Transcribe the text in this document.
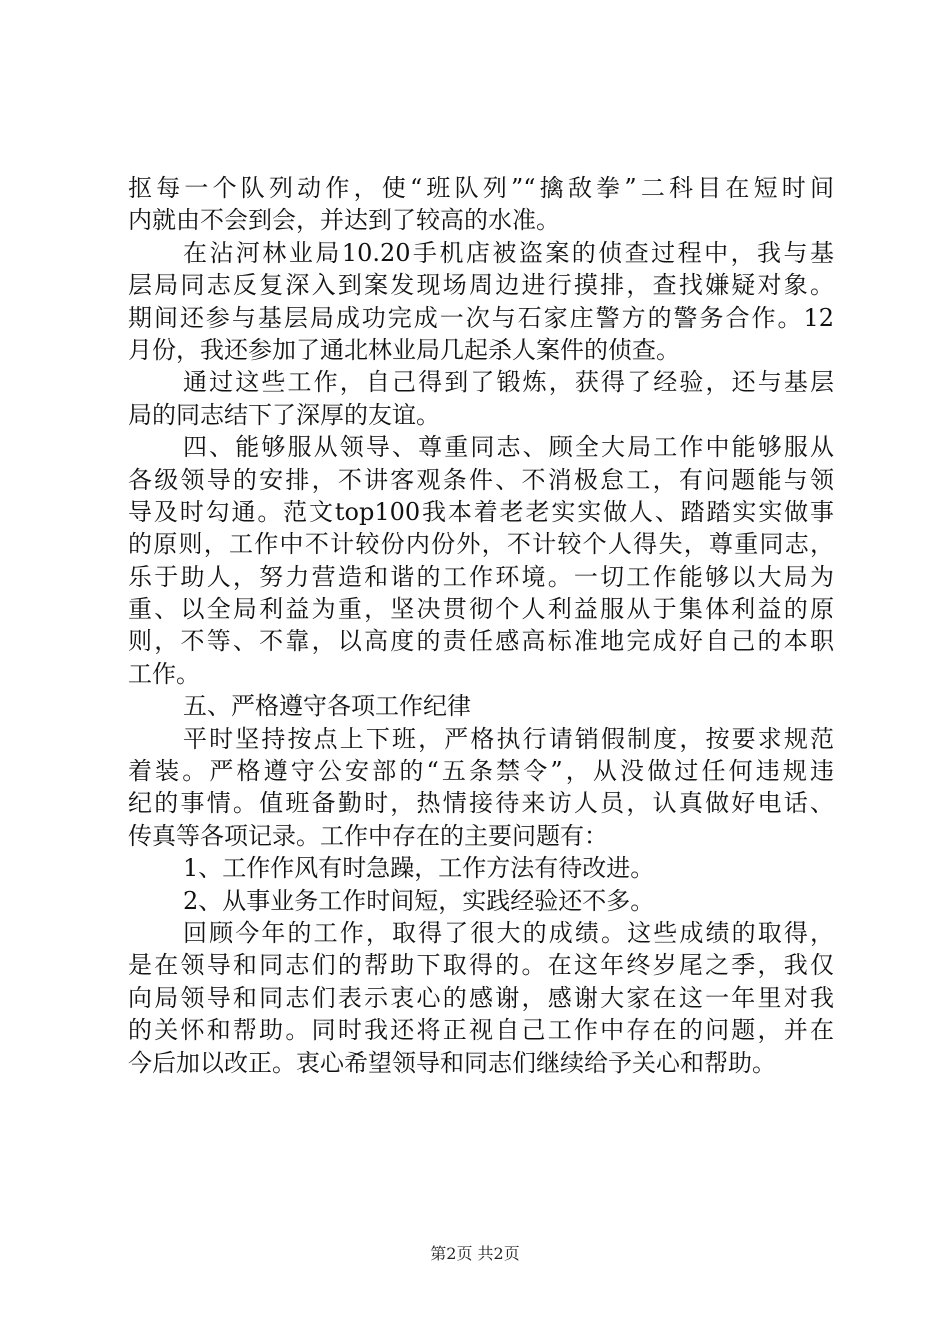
抠每一个队列动作，使“班队列”“擒敌拳”二科目在短时间
内就由不会到会，并达到了较高的水准。
在沾河林业局10.20手机店被盗案的侦查过程中，我与基
层局同志反复深入到案发现场周边进行摸排，查找嫌疑对象。
期间还参与基层局成功完成一次与石家庄警方的警务合作。12
月份，我还参加了通北林业局几起杀人案件的侦查。
通过这些工作，自己得到了锻炼，获得了经验，还与基层
局的同志结下了深厚的友谊。
四、能够服从领导、尊重同志、顾全大局工作中能够服从
各级领导的安排，不讲客观条件、不消极怠工，有问题能与领
导及时勾通。范文top100我本着老老实实做人、踏踏实实做事
的原则，工作中不计较份内份外，不计较个人得失，尊重同志，
乐于助人，努力营造和谐的工作环境。一切工作能够以大局为
重、以全局利益为重，坚决贯彻个人利益服从于集体利益的原
则，不等、不靠，以高度的责任感高标准地完成好自己的本职
工作。
五、严格遵守各项工作纪律
平时坚持按点上下班，严格执行请销假制度，按要求规范
着装。严格遵守公安部的“五条禁令”，从没做过任何违规违
纪的事情。值班备勤时，热情接待来访人员，认真做好电话、
传真等各项记录。工作中存在的主要问题有：
1、工作作风有时急躁，工作方法有待改进。
2、从事业务工作时间短，实践经验还不多。
回顾今年的工作，取得了很大的成绩。这些成绩的取得，
是在领导和同志们的帮助下取得的。在这年终岁尾之季，我仅
向局领导和同志们表示衷心的感谢，感谢大家在这一年里对我
的关怀和帮助。同时我还将正视自己工作中存在的问题，并在
今后加以改正。衷心希望领导和同志们继续给予关心和帮助。
第2页 共2页
